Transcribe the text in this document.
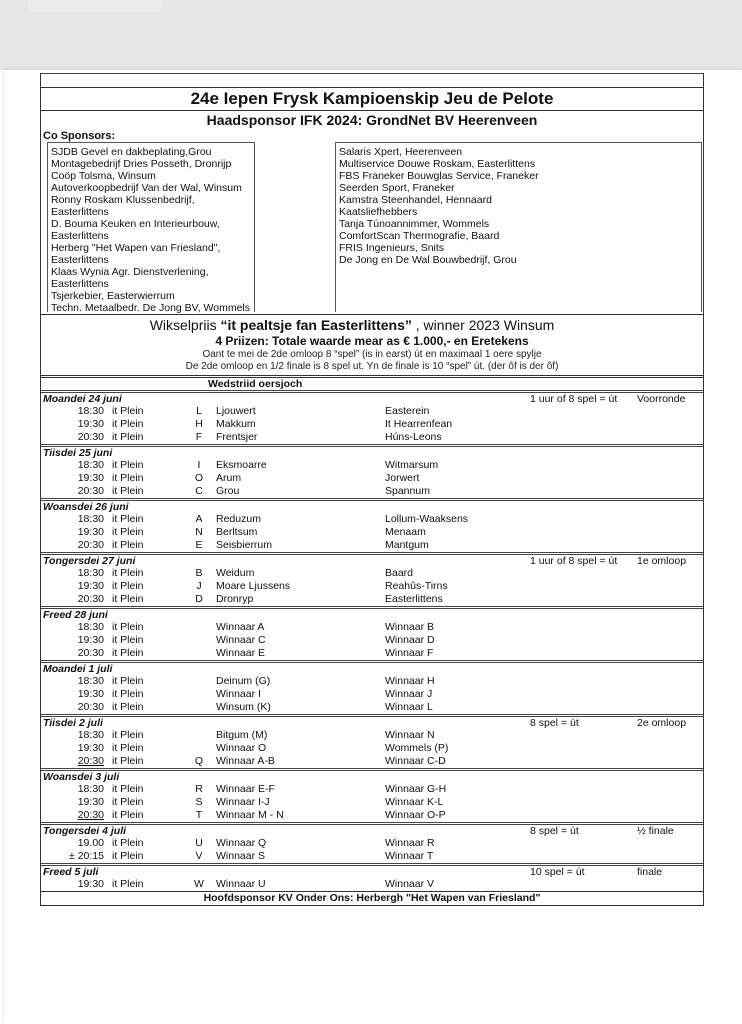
24e Iepen Frysk Kampioenskip Jeu de Pelote
Haadsponsor IFK 2024: GrondNet BV Heerenveen
Co Sponsors:
SJDB Gevel en dakbeplating,Grou
Montagebedrijf Dries Posseth, Dronrijp
Coöp Tolsma, Winsum
Autoverkoopbedrijf Van der Wal, Winsum
Ronny Roskam Klussenbedrijf, Easterlittens
D. Bouma Keuken en Interieurbouw, Easterlittens
Herberg "Het Wapen van Friesland", Easterlittens
Klaas Wynia Agr. Dienstverlening, Easterlittens
Tsjerkebier, Easterwierrum
Techn. Metaalbedr. De Jong BV, Wommels
Salaris Xpert, Heerenveen
Multiservice Douwe Roskam, Easterlittens
FBS Franeker Bouwglas Service, Franeker
Seerden Sport, Franeker
Kamstra Steenhandel, Hennaard
Kaatsliefhebbers
Tanja Túnoannimmer, Wommels
ComfortScan Thermografie, Baard
FRIS Ingenieurs, Snits
De Jong en De Wal Bouwbedrijf, Grou
Wikselpriis “it pealtsje fan Easterlittens” , winner 2023 Winsum
4 Priizen: Totale waarde mear as € 1.000,- en Eretekens
Oant te mei de 2de omloop 8 “spel” (is in earst) út en maximaal 1 oere spylje
De 2de omloop en 1/2 finale is 8 spel ut. Yn de finale is 10 “spel” út. (der ôf is der ôf)
Wedstriid oersjoch
Moandei 24 juni	1 uur of 8 spel = út Voorronde
18:30 it Plein	L Ljouwert	Easterein
19:30 it Plein	H Makkum	It Hearrenfean
20:30 it Plein	F Frentsjer	Húns-Leons
Tiisdei 25 juni
18:30 it Plein	I	Eksmoarre	Witmarsum
19:30 it Plein	O Arum	Jorwert
20:30 it Plein	C Grou	Spannum
Woansdei 26 juni
18:30 it Plein	A Reduzum	Lollum-Waaksens
19:30 it Plein	N Berltsum	Menaam
20:30 it Plein	E Seisbierrum	Mantgum
Tongersdei 27 juni	1 uur of 8 spel = út 1e omloop
18:30 it Plein	B Weidum	Baard
19:30 it Plein	J Moare Ljussens	Reahûs-Tirns
20:30 it Plein	D Dronryp	Easterlittens
Freed 28 juni
18:30 it Plein	Winnaar A	Winnaar B
19:30 it Plein	Winnaar C	Winnaar D
20:30 it Plein	Winnaar E	Winnaar F
Moandei 1 juli
18:30 it Plein	Deinum (G)	Winnaar H
19:30 it Plein	Winnaar I	Winnaar J
20:30 it Plein	Winsum (K)	Winnaar L
Tiisdei 2 juli	8 spel = út	2e omloop
18:30 it Plein	Bitgum (M)	Winnaar N
19:30 it Plein	Winnaar O	Wommels (P)
20:30 it Plein	Q Winnaar A-B	Winnaar C-D
Woansdei 3 juli
18:30 it Plein	R Winnaar E-F	Winnaar G-H
19:30 it Plein	S Winnaar I-J	Winnaar K-L
20:30 it Plein	T Winnaar M - N	Winnaar O-P
Tongersdei 4 juli	8 spel = út	½ finale
19.00 it Plein	U Winnaar Q	Winnaar R
± 20:15 it Plein	V Winnaar S	Winnaar T
Freed 5 juli	10 spel = út	finale
19:30 it Plein	W Winnaar U	Winnaar V
Hoofdsponsor KV Onder Ons: Herbergh "Het Wapen van Friesland"
